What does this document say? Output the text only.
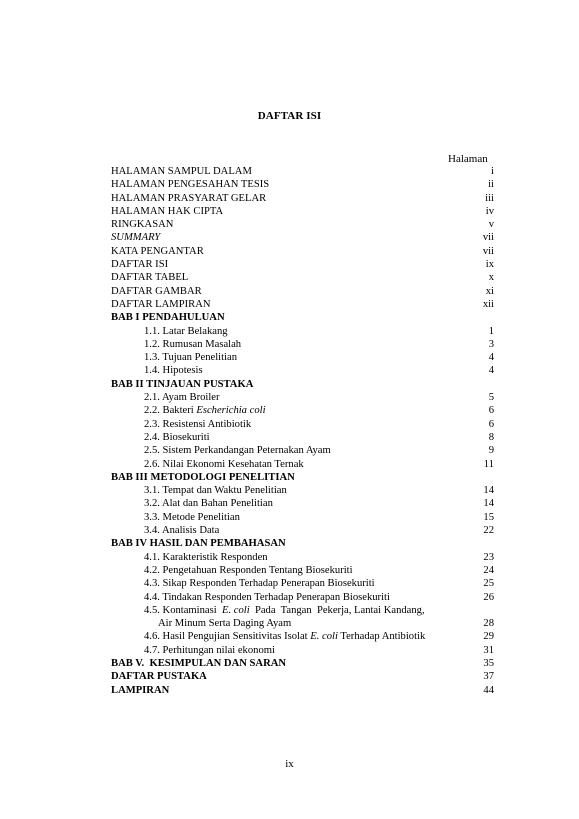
DAFTAR ISI
Halaman
HALAMAN SAMPUL DALAM	i
HALAMAN PENGESAHAN TESIS	ii
HALAMAN PRASYARAT GELAR	iii
HALAMAN HAK CIPTA	iv
RINGKASAN	v
SUMMARY	vii
KATA PENGANTAR	vii
DAFTAR ISI	ix
DAFTAR TABEL	x
DAFTAR GAMBAR	xi
DAFTAR LAMPIRAN	xii
BAB I PENDAHULUAN
1.1. Latar Belakang	1
1.2. Rumusan Masalah	3
1.3. Tujuan Penelitian	4
1.4. Hipotesis	4
BAB II TINJAUAN PUSTAKA
2.1. Ayam Broiler	5
2.2. Bakteri Escherichia coli	6
2.3. Resistensi Antibiotik	6
2.4. Biosekuriti	8
2.5. Sistem Perkandangan Peternakan Ayam	9
2.6. Nilai Ekonomi Kesehatan Ternak	11
BAB III METODOLOGI PENELITIAN
3.1. Tempat dan Waktu Penelitian	14
3.2. Alat dan Bahan Penelitian	14
3.3. Metode Penelitian	15
3.4. Analisis Data	22
BAB IV HASIL DAN PEMBAHASAN
4.1. Karakteristik Responden	23
4.2. Pengetahuan Responden Tentang Biosekuriti	24
4.3. Sikap Responden Terhadap Penerapan Biosekuriti	25
4.4. Tindakan Responden Terhadap Penerapan Biosekuriti	26
4.5. Kontaminasi  E. coli  Pada  Tangan  Pekerja, Lantai Kandang,
Air Minum Serta Daging Ayam	28
4.6. Hasil Pengujian Sensitivitas Isolat E. coli Terhadap Antibiotik	29
4.7. Perhitungan nilai ekonomi	31
BAB V.  KESIMPULAN DAN SARAN	35
DAFTAR PUSTAKA	37
LAMPIRAN	44
ix
